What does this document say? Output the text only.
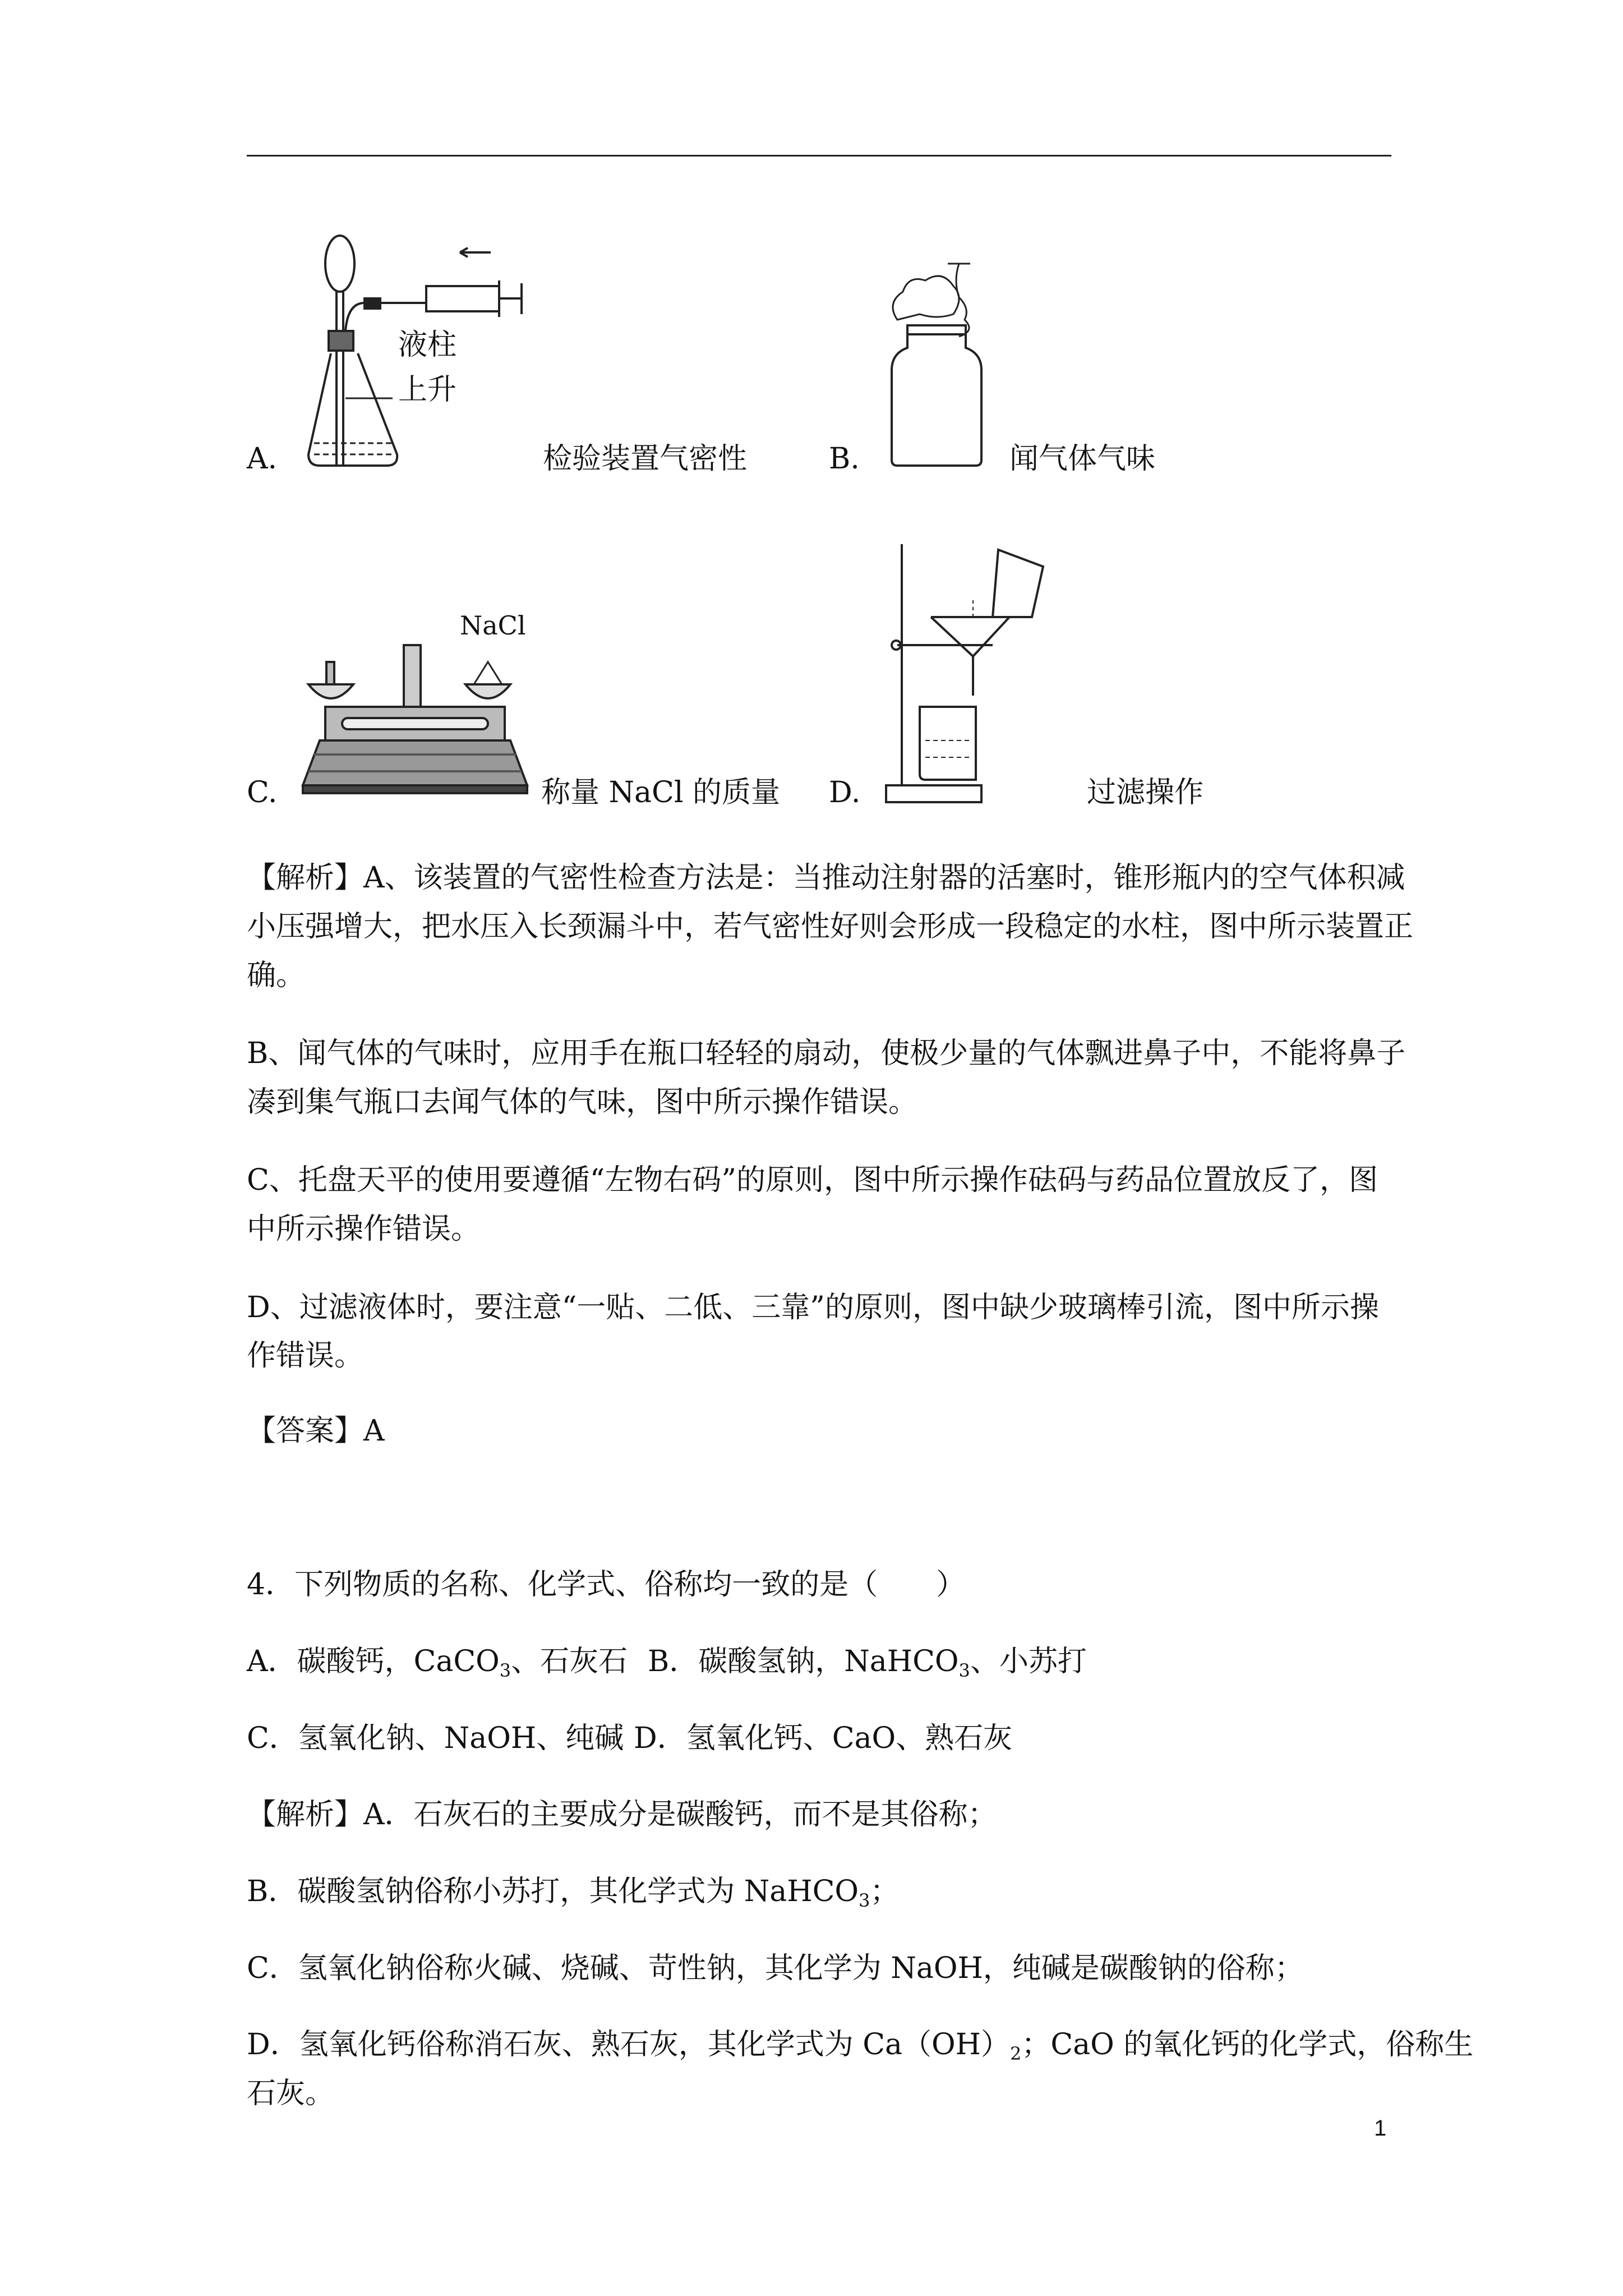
液柱
上升
A.	检验装置气密性	B.	闻气体气味
NaCl
C.	称量 NaCl 的质量 D.	过滤操作
【解析】A、该装置的气密性检查方法是：当推动注射器的活塞时，锥形瓶内的空气体积减
小压强增大，把水压入长颈漏斗中，若气密性好则会形成一段稳定的水柱，图中所示装置正
确。
B、闻气体的气味时，应用手在瓶口轻轻的扇动，使极少量的气体飘进鼻子中，不能将鼻子
凑到集气瓶口去闻气体的气味，图中所示操作错误。
C、托盘天平的使用要遵循“左物右码”的原则，图中所示操作砝码与药品位置放反了，图
中所示操作错误。
D、过滤液体时，要注意“一贴、二低、三靠”的原则，图中缺少玻璃棒引流，图中所示操
作错误。
【答案】A
4．下列物质的名称、化学式、俗称均一致的是（　　）
A．碳酸钙，CaCO$_3$、石灰石 B．碳酸氢钠，NaHCO$_3$、小苏打
C．氢氧化钠、NaOH、纯碱 D．氢氧化钙、CaO、熟石灰
【解析】A．石灰石的主要成分是碳酸钙，而不是其俗称；
B．碳酸氢钠俗称小苏打，其化学式为 NaHCO$_3$；
C．氢氧化钠俗称火碱、烧碱、苛性钠，其化学为 NaOH，纯碱是碳酸钠的俗称；
D．氢氧化钙俗称消石灰、熟石灰，其化学式为 $Ca(OH)_2$；CaO 的氧化钙的化学式，俗称生
石灰。
1
